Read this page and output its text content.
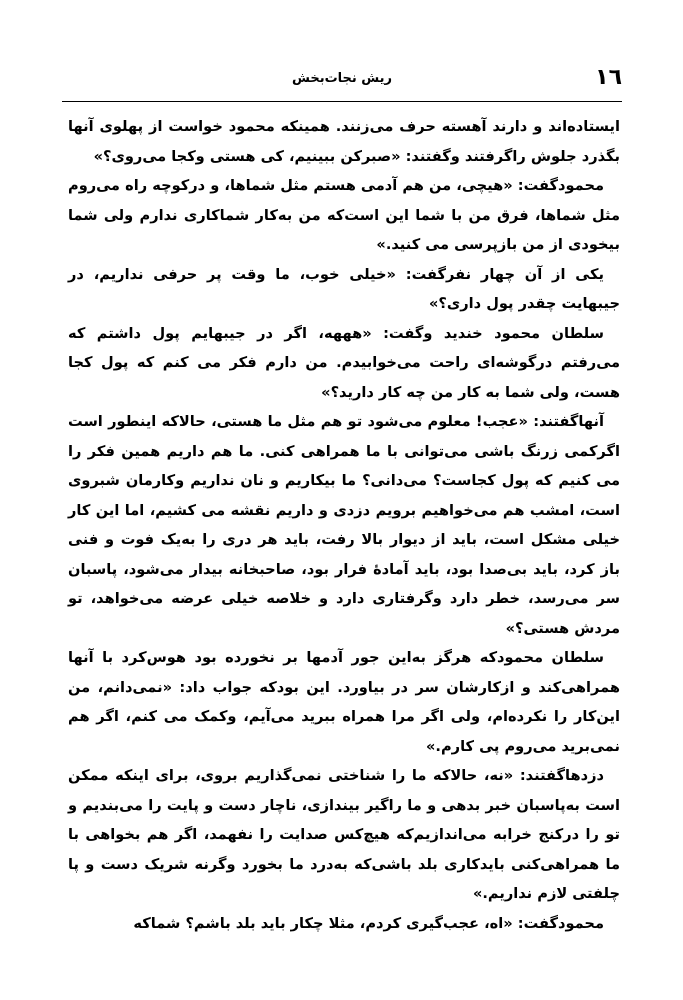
١٦
ریش نجات‌بخش

ایستاده‌اند و دارند آهسته حرف می‌زنند. همینکه محمود خواست از پهلوی آنها بگذرد جلوش راگرفتند وگفتند: «صبرکن ببینیم، کی هستی وکجا می‌روی؟»

محمودگفت: «هیچی، من هم آدمی هستم مثل شماها، و درکوچه راه می‌روم مثل شماها، فرق من با شما این است‌که من به‌کار شماکاری ندارم ولی شما بیخودی از من بازپرسی می کنید.»

یکی از آن چهار نفرگفت: «خیلی خوب، ما وقت پر حرفی نداریم، در جیبهایت چقدر پول داری؟»

سلطان محمود خندید وگفت: «هههه، اگر در جیبهایم پول داشتم که می‌رفتم درگوشه‌ای راحت می‌خوابیدم. من دارم فکر می کنم که پول کجا هست، ولی شما به کار من چه کار دارید؟»

آنهاگفتند: «عجب! معلوم می‌شود تو هم مثل ما هستی، حالاکه اینطور است اگرکمی زرنگ باشی می‌توانی با ما همراهی کنی. ما هم داریم همین فکر را می کنیم که پول کجاست؟ می‌دانی؟ ما بیکاریم و نان نداریم وکارمان شبروی است، امشب هم می‌خواهیم برویم دزدی و داریم نقشه می کشیم، اما این کار خیلی مشکل است، باید از دیوار بالا رفت، باید هر دری را به‌یک فوت و فنی باز کرد، باید بی‌صدا بود، باید آمادهٔ فرار بود، صاحبخانه بیدار می‌شود، پاسبان سر می‌رسد، خطر دارد وگرفتاری دارد و خلاصه خیلی عرضه می‌خواهد، تو مردش هستی؟»

سلطان محمودکه هرگز به‌این جور آدمها بر نخورده بود هوس‌کرد با آنها همراهی‌کند و ازکارشان سر در بیاورد. این بودکه جواب داد: «نمی‌دانم، من این‌کار را نکرده‌ام، ولی اگر مرا همراه ببرید می‌آیم، وکمک می کنم، اگر هم نمی‌برید می‌روم پی کارم.»

دزدهاگفتند: «نه، حالاکه ما را شناختی نمی‌گذاریم بروی، برای اینکه ممکن است به‌پاسبان خبر بدهی و ما راگیر بیندازی، ناچار دست و پایت را می‌بندیم و تو را درکنج خرابه می‌اندازیم‌که هیچ‌کس صدایت را نفهمد، اگر هم بخواهی با ما همراهی‌کنی بایدکاری بلد باشی‌که به‌درد ما بخورد وگرنه شریک دست و پا چلفتی لازم نداریم.»

محمودگفت: «اه، عجب‌گیری کردم، مثلا چکار باید بلد باشم؟ شماکه
